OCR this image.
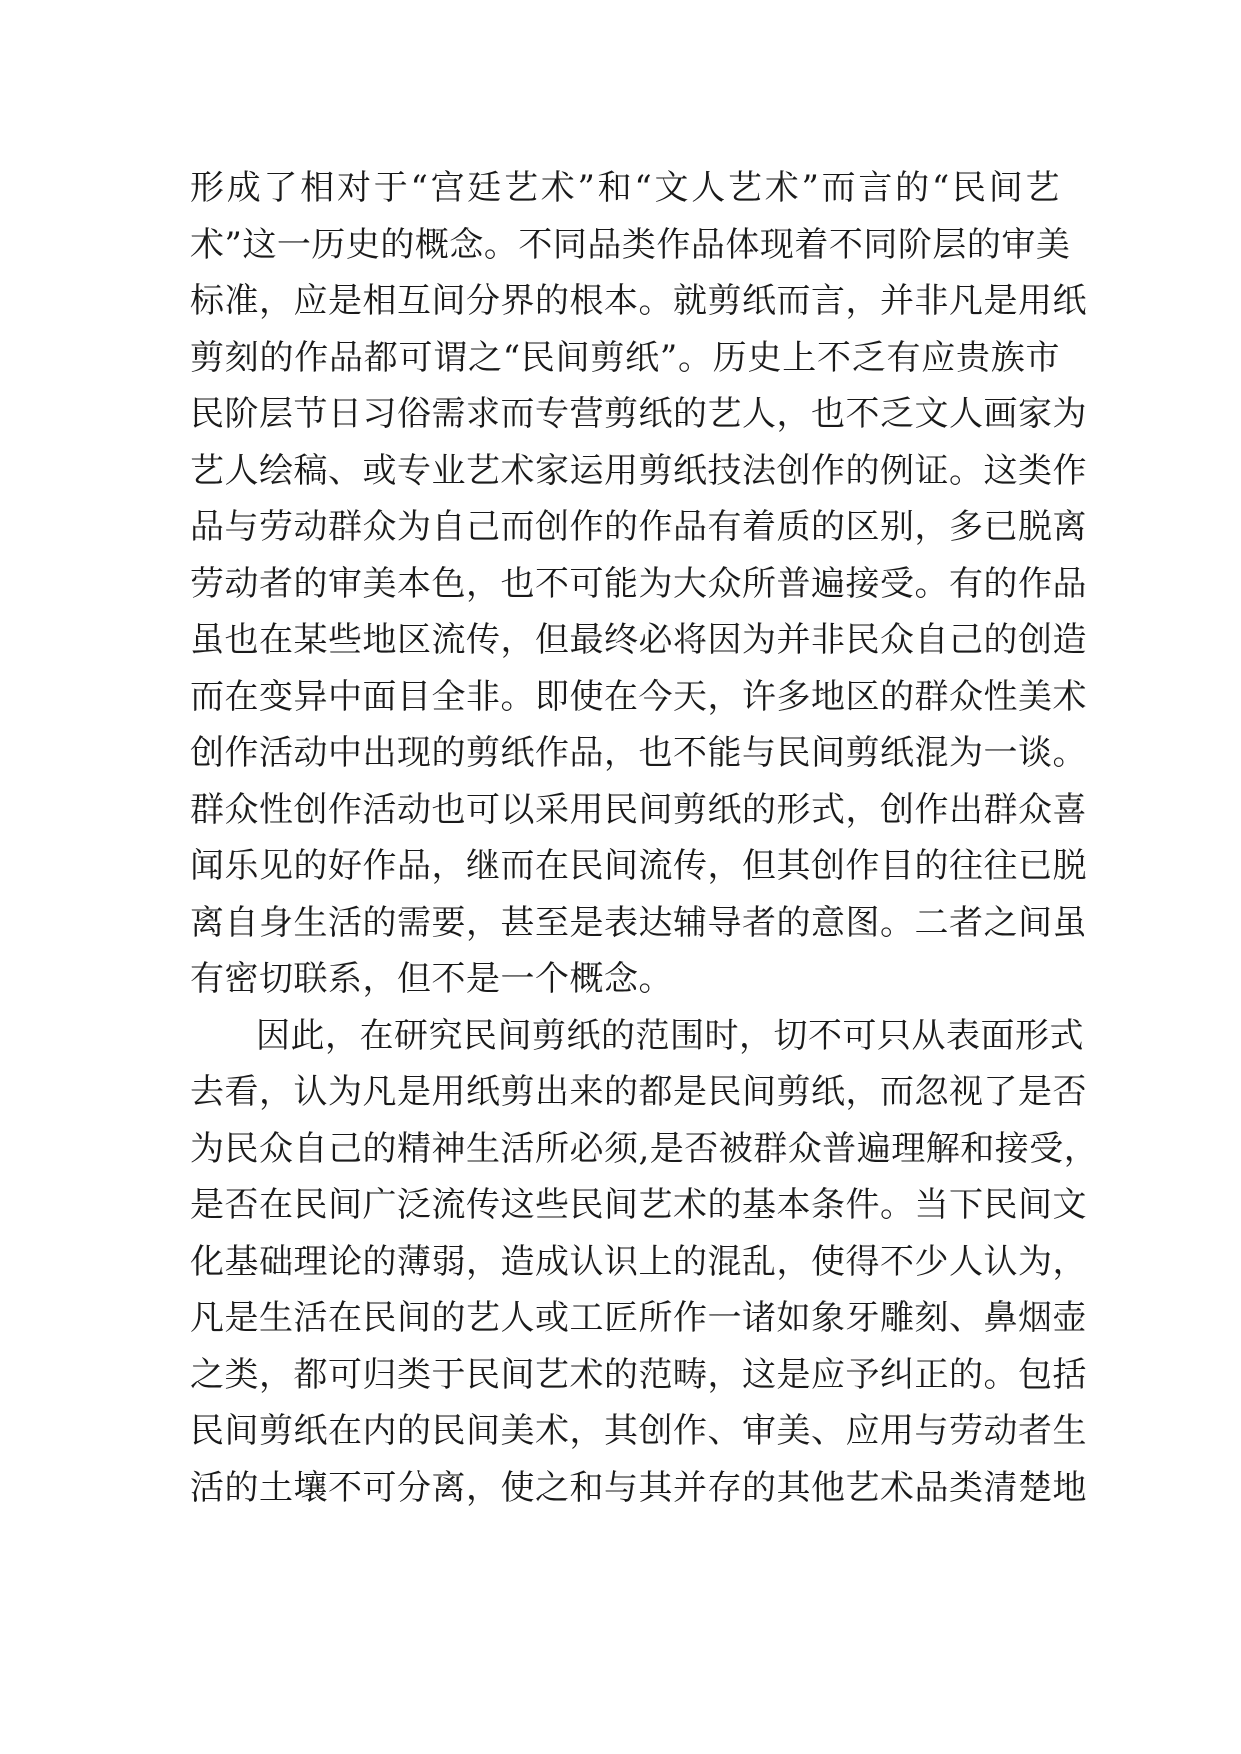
形成了相对于“宫廷艺术”和“文人艺术”而言的“民间艺
术”这一历史的概念。不同品类作品体现着不同阶层的审美
标准，应是相互间分界的根本。就剪纸而言，并非凡是用纸
剪刻的作品都可谓之“民间剪纸”。历史上不乏有应贵族市
民阶层节日习俗需求而专营剪纸的艺人，也不乏文人画家为
艺人绘稿、或专业艺术家运用剪纸技法创作的例证。这类作
品与劳动群众为自己而创作的作品有着质的区别，多已脱离
劳动者的审美本色，也不可能为大众所普遍接受。有的作品
虽也在某些地区流传，但最终必将因为并非民众自己的创造
而在变异中面目全非。即使在今天，许多地区的群众性美术
创作活动中出现的剪纸作品，也不能与民间剪纸混为一谈。
群众性创作活动也可以采用民间剪纸的形式，创作出群众喜
闻乐见的好作品，继而在民间流传，但其创作目的往往已脱
离自身生活的需要，甚至是表达辅导者的意图。二者之间虽
有密切联系，但不是一个概念。
因此，在研究民间剪纸的范围时，切不可只从表面形式
去看，认为凡是用纸剪出来的都是民间剪纸，而忽视了是否
为民众自己的精神生活所必须,是否被群众普遍理解和接受，
是否在民间广泛流传这些民间艺术的基本条件。当下民间文
化基础理论的薄弱，造成认识上的混乱，使得不少人认为，
凡是生活在民间的艺人或工匠所作一诸如象牙雕刻、鼻烟壶
之类，都可归类于民间艺术的范畴，这是应予纠正的。包括
民间剪纸在内的民间美术，其创作、审美、应用与劳动者生
活的土壤不可分离，使之和与其并存的其他艺术品类清楚地
